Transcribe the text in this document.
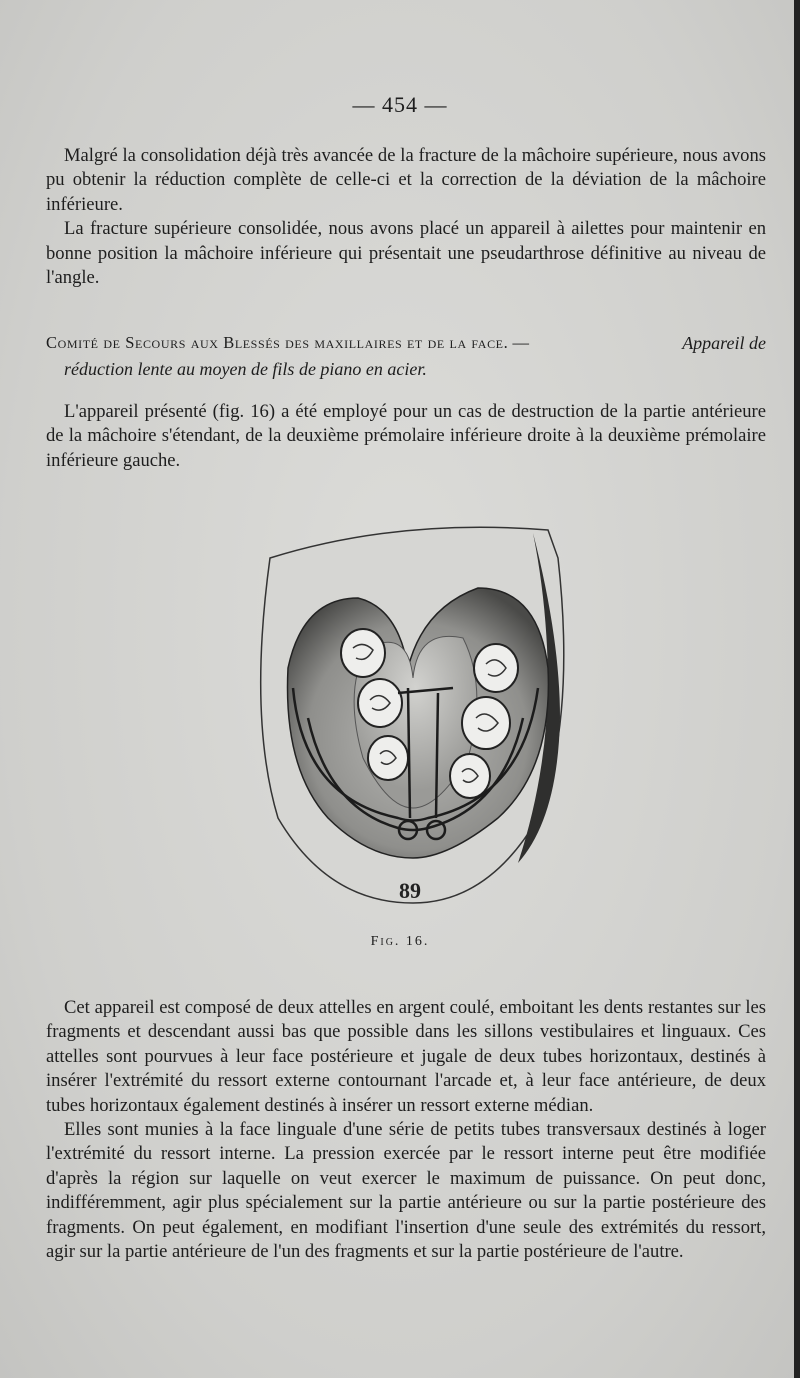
— 454 —

Malgré la consolidation déjà très avancée de la fracture de la mâchoire supérieure, nous avons pu obtenir la réduction complète de celle-ci et la correction de la déviation de la mâchoire inférieure.

La fracture supérieure consolidée, nous avons placé un appareil à ailettes pour maintenir en bonne position la mâchoire inférieure qui présentait une pseudarthrose définitive au niveau de l'angle.

Comité de Secours aux Blessés des maxillaires et de la face. —	Appareil de
réduction lente au moyen de fils de piano en acier.

L'appareil présenté (fig. 16) a été employé pour un cas de destruction de la partie antérieure de la mâchoire s'étendant, de la deuxième prémolaire inférieure droite à la deuxième prémolaire inférieure gauche.

89
Fig. 16.

Cet appareil est composé de deux attelles en argent coulé, emboitant les dents restantes sur les fragments et descendant aussi bas que possible dans les sillons vestibulaires et linguaux. Ces attelles sont pourvues à leur face postérieure et jugale de deux tubes horizontaux, destinés à insérer l'extrémité du ressort externe contournant l'arcade et, à leur face antérieure, de deux tubes horizontaux également destinés à insérer un ressort externe médian.

Elles sont munies à la face linguale d'une série de petits tubes transversaux destinés à loger l'extrémité du ressort interne. La pression exercée par le ressort interne peut être modifiée d'après la région sur laquelle on veut exercer le maximum de puissance. On peut donc, indifféremment, agir plus spécialement sur la partie antérieure ou sur la partie postérieure des fragments. On peut également, en modifiant l'insertion d'une seule des extrémités du ressort, agir sur la partie antérieure de l'un des fragments et sur la partie postérieure de l'autre.
